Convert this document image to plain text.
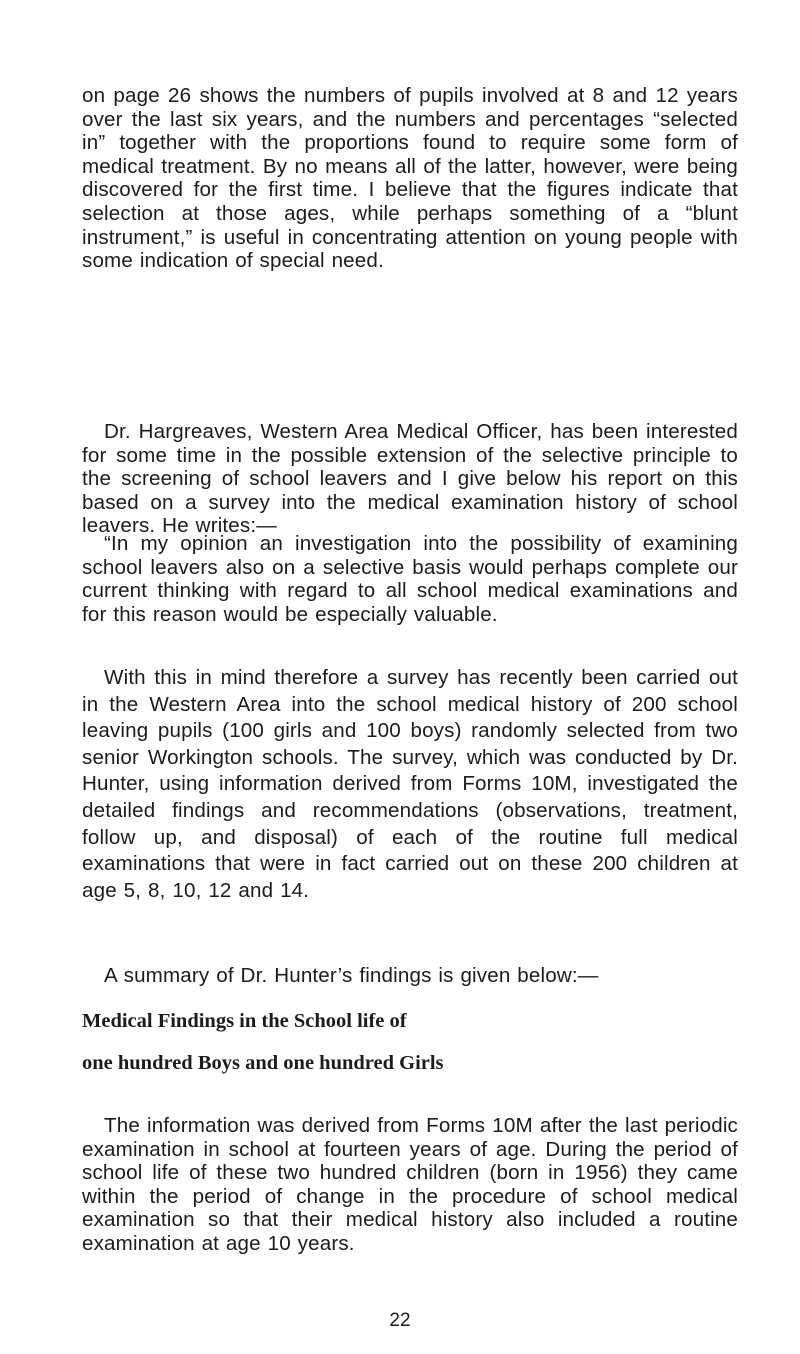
on page 26 shows the numbers of pupils involved at 8 and 12 years over the last six years, and the numbers and percentages “selected in” together with the proportions found to require some form of medical treatment. By no means all of the latter, however, were being discovered for the first time. I believe that the figures indicate that selection at those ages, while perhaps something of a “blunt instrument,” is useful in concentrating attention on young people with some indication of special need.

Dr. Hargreaves, Western Area Medical Officer, has been interested for some time in the possible extension of the selective principle to the screening of school leavers and I give below his report on this based on a survey into the medical examination history of school leavers. He writes:—

“In my opinion an investigation into the possibility of examining school leavers also on a selective basis would perhaps complete our current thinking with regard to all school medical examinations and for this reason would be especially valuable.

With this in mind therefore a survey has recently been carried out in the Western Area into the school medical history of 200 school leaving pupils (100 girls and 100 boys) randomly selected from two senior Workington schools. The survey, which was conducted by Dr. Hunter, using information derived from Forms 10M, investigated the detailed findings and recommendations (observations, treatment, follow up, and disposal) of each of the routine full medical examinations that were in fact carried out on these 200 children at age 5, 8, 10, 12 and 14.

A summary of Dr. Hunter’s findings is given below:—

Medical Findings in the School life of

one hundred Boys and one hundred Girls

The information was derived from Forms 10M after the last periodic examination in school at fourteen years of age. During the period of school life of these two hundred children (born in 1956) they came within the period of change in the procedure of school medical examination so that their medical history also included a routine examination at age 10 years.

22
